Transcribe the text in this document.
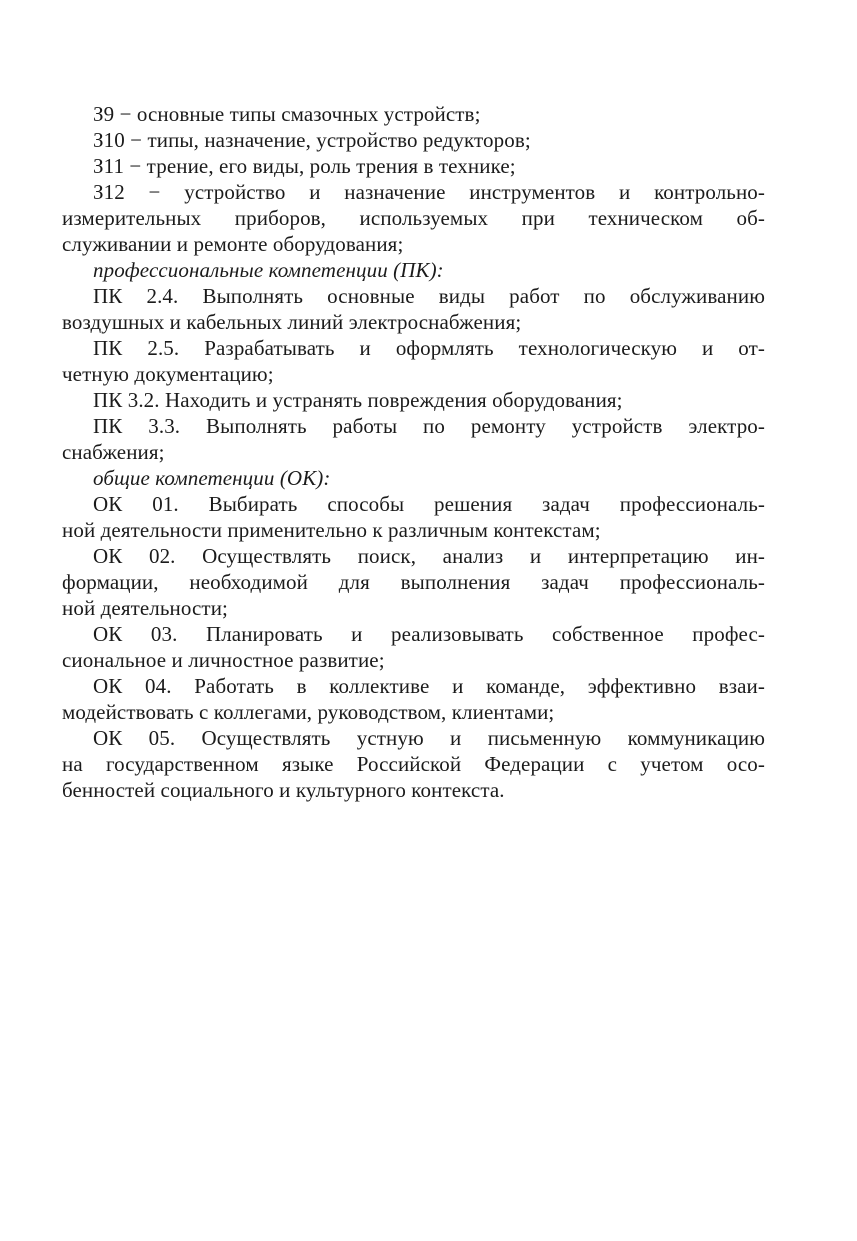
З9 − основные типы смазочных устройств;
З10 − типы, назначение, устройство редукторов;
З11 − трение, его виды, роль трения в технике;
З12 − устройство и назначение инструментов и контрольно-
измерительных приборов, используемых при техническом об-
служивании и ремонте оборудования;
профессиональные компетенции (ПК):
ПК 2.4. Выполнять основные виды работ по обслуживанию
воздушных и кабельных линий электроснабжения;
ПК 2.5. Разрабатывать и оформлять технологическую и от-
четную документацию;
ПК 3.2. Находить и устранять повреждения оборудования;
ПК 3.3. Выполнять работы по ремонту устройств электро-
снабжения;
общие компетенции (ОК):
ОК 01. Выбирать способы решения задач профессиональ-
ной деятельности применительно к различным контекстам;
ОК 02. Осуществлять поиск, анализ и интерпретацию ин-
формации, необходимой для выполнения задач профессиональ-
ной деятельности;
ОК 03. Планировать и реализовывать собственное профес-
сиональное и личностное развитие;
ОК 04. Работать в коллективе и команде, эффективно взаи-
модействовать с коллегами, руководством, клиентами;
ОК 05. Осуществлять устную и письменную коммуникацию
на государственном языке Российской Федерации с учетом осо-
бенностей социального и культурного контекста.
